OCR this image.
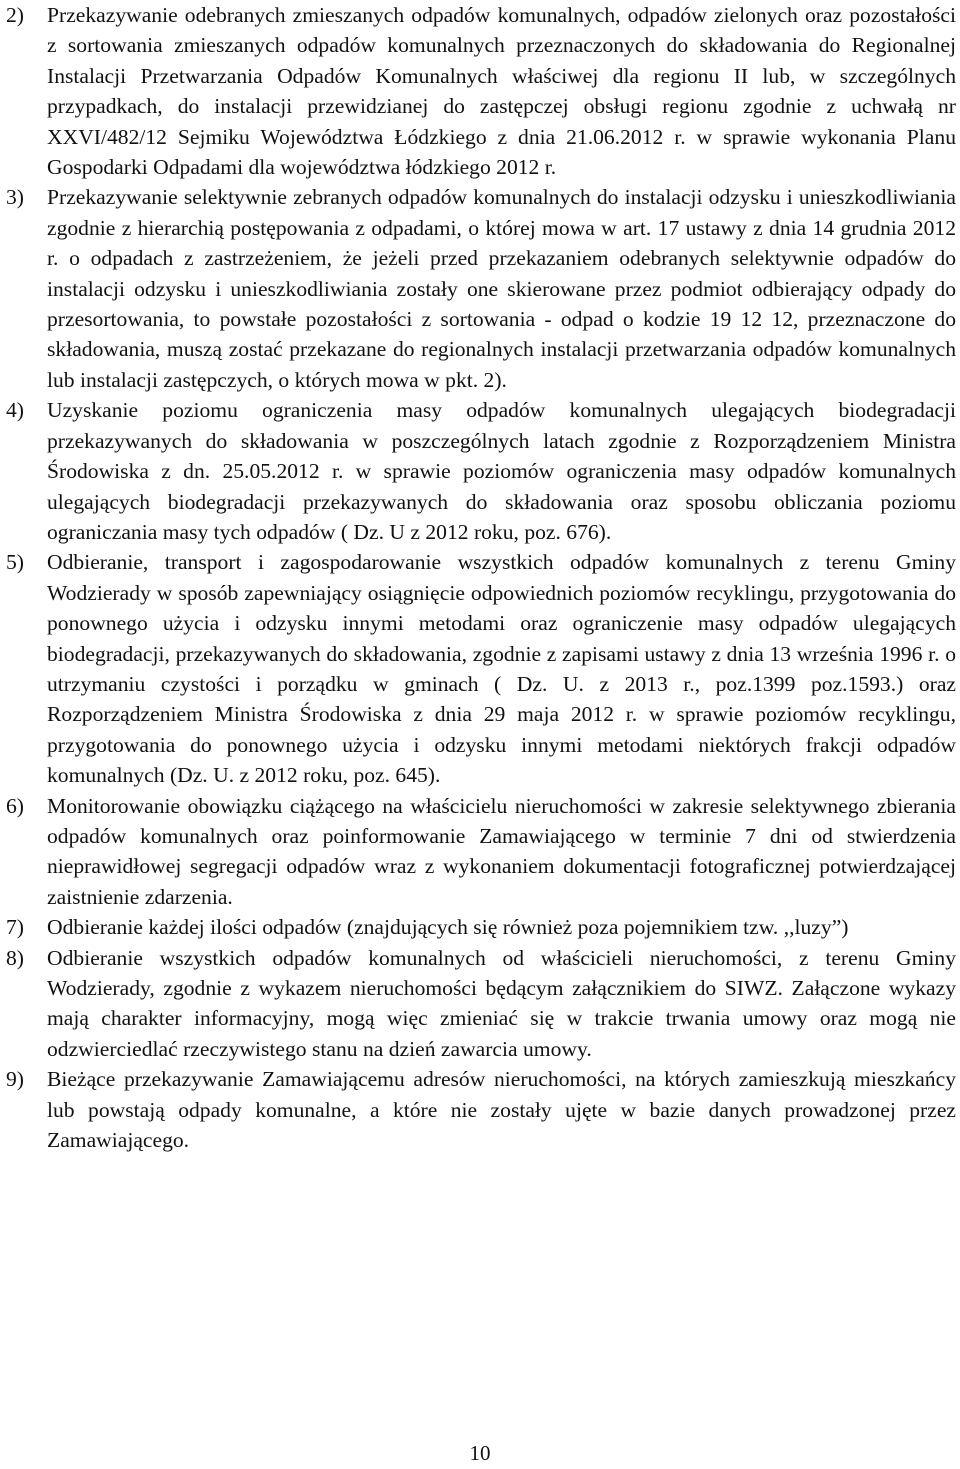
2)	Przekazywanie odebranych zmieszanych odpadów komunalnych, odpadów zielonych oraz pozostałości z sortowania zmieszanych odpadów komunalnych przeznaczonych do składowania do Regionalnej Instalacji Przetwarzania Odpadów Komunalnych właściwej dla regionu II lub, w szczególnych przypadkach, do instalacji przewidzianej do zastępczej obsługi regionu zgodnie z uchwałą nr XXVI/482/12 Sejmiku Województwa Łódzkiego z dnia 21.06.2012 r. w sprawie wykonania Planu Gospodarki Odpadami dla województwa łódzkiego 2012 r.
3)	Przekazywanie selektywnie zebranych odpadów komunalnych do instalacji odzysku i unieszkodliwiania zgodnie z hierarchią postępowania z odpadami, o której mowa w art. 17 ustawy z dnia 14 grudnia 2012 r. o odpadach z zastrzeżeniem, że jeżeli przed przekazaniem odebranych selektywnie odpadów do instalacji odzysku i unieszkodliwiania zostały one skierowane przez podmiot odbierający odpady do przesortowania, to powstałe pozostałości z sortowania - odpad o kodzie 19 12 12, przeznaczone do składowania, muszą zostać przekazane do regionalnych instalacji przetwarzania odpadów komunalnych lub instalacji zastępczych, o których mowa w pkt. 2).
4)	Uzyskanie poziomu ograniczenia masy odpadów komunalnych ulegających biodegradacji przekazywanych do składowania w poszczególnych latach zgodnie z Rozporządzeniem Ministra Środowiska z dn. 25.05.2012 r. w sprawie poziomów ograniczenia masy odpadów komunalnych ulegających biodegradacji przekazywanych do składowania oraz sposobu obliczania poziomu ograniczania masy tych odpadów ( Dz. U z 2012 roku, poz. 676).
5)	Odbieranie, transport i zagospodarowanie wszystkich odpadów komunalnych z terenu Gminy Wodzierady w sposób zapewniający osiągnięcie odpowiednich poziomów recyklingu, przygotowania do ponownego użycia i odzysku innymi metodami oraz ograniczenie masy odpadów ulegających biodegradacji, przekazywanych do składowania, zgodnie z zapisami ustawy z dnia 13 września 1996 r. o utrzymaniu czystości i porządku w gminach ( Dz. U. z 2013 r., poz.1399 poz.1593.) oraz Rozporządzeniem Ministra Środowiska z dnia 29 maja 2012 r. w sprawie poziomów recyklingu, przygotowania do ponownego użycia i odzysku innymi metodami niektórych frakcji odpadów komunalnych (Dz. U. z 2012 roku, poz. 645).
6)	Monitorowanie obowiązku ciążącego na właścicielu nieruchomości w zakresie selektywnego zbierania odpadów komunalnych oraz poinformowanie Zamawiającego w terminie 7 dni od stwierdzenia nieprawidłowej segregacji odpadów wraz z wykonaniem dokumentacji fotograficznej potwierdzającej zaistnienie zdarzenia.
7)	Odbieranie każdej ilości odpadów (znajdujących się również poza pojemnikiem tzw. ,,luzy”)
8)	Odbieranie wszystkich odpadów komunalnych od właścicieli nieruchomości, z terenu Gminy Wodzierady, zgodnie z wykazem nieruchomości będącym załącznikiem do SIWZ. Załączone wykazy mają charakter informacyjny, mogą więc zmieniać się w trakcie trwania umowy oraz mogą nie odzwierciedlać rzeczywistego stanu na dzień zawarcia umowy.
9)	Bieżące przekazywanie Zamawiającemu adresów nieruchomości, na których zamieszkują mieszkańcy lub powstają odpady komunalne, a które nie zostały ujęte w bazie danych prowadzonej przez Zamawiającego.
10
